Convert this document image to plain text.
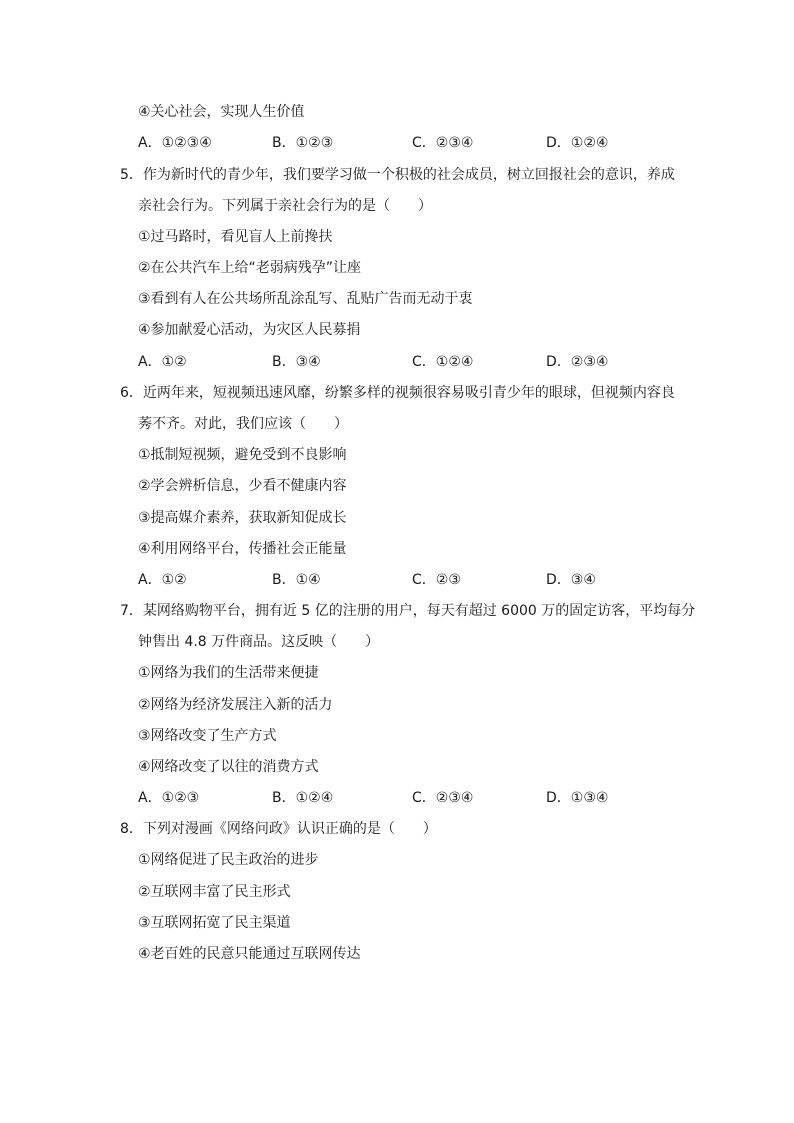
④关心社会，实现人生价值
A．①②③④	B．①②③	C．②③④	D．①②④
5．作为新时代的青少年，我们要学习做一个积极的社会成员，树立回报社会的意识，养成
亲社会行为。下列属于亲社会行为的是（　　）
①过马路时，看见盲人上前搀扶
②在公共汽车上给“老弱病残孕”让座
③看到有人在公共场所乱涂乱写、乱贴广告而无动于衷
④参加献爱心活动，为灾区人民募捐
A．①②	B．③④	C．①②④	D．②③④
6．近两年来，短视频迅速风靡，纷繁多样的视频很容易吸引青少年的眼球，但视频内容良
莠不齐。对此，我们应该（　　）
①抵制短视频，避免受到不良影响
②学会辨析信息，少看不健康内容
③提高媒介素养，获取新知促成长
④利用网络平台，传播社会正能量
A．①②	B．①④	C．②③	D．③④
7．某网络购物平台，拥有近 5 亿的注册的用户，每天有超过 6000 万的固定访客，平均每分
钟售出 4.8 万件商品。这反映（　　）
①网络为我们的生活带来便捷
②网络为经济发展注入新的活力
③网络改变了生产方式
④网络改变了以往的消费方式
A．①②③	B．①②④	C．②③④	D．①③④
8．下列对漫画《网络问政》认识正确的是（　　）
①网络促进了民主政治的进步
②互联网丰富了民主形式
③互联网拓宽了民主渠道
④老百姓的民意只能通过互联网传达
